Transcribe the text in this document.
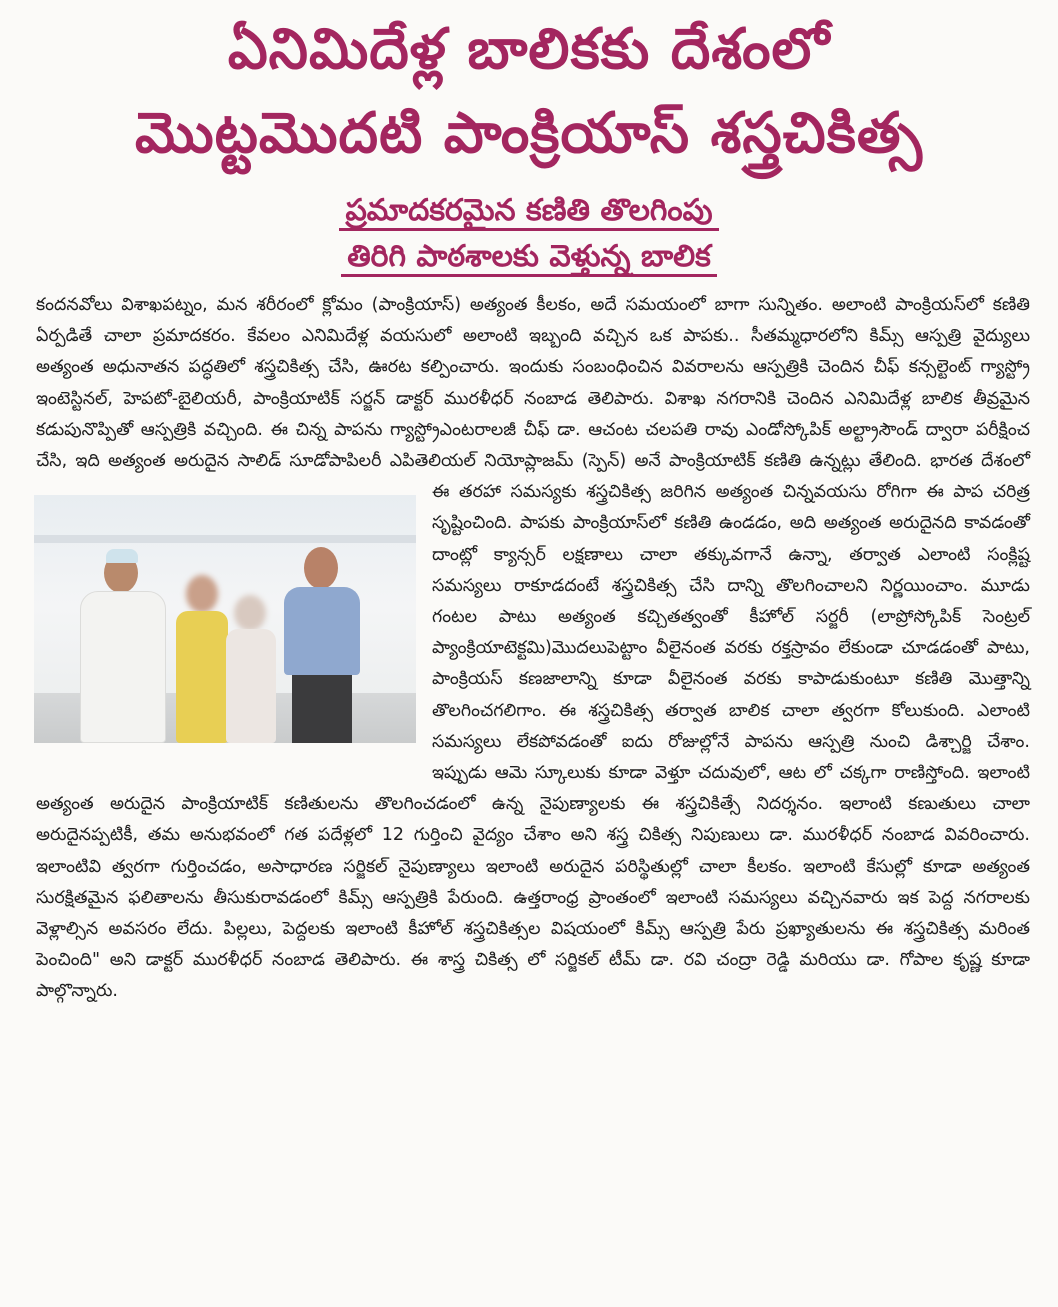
ఏనిమిదేళ్ల బాలికకు దేశంలో
మొట్టమొదటి పాంక్రియాస్ శస్త్రచికిత్స
ప్రమాదకరమైన కణితి తొలగింపు
తిరిగి పాఠశాలకు వెళ్తున్న బాలిక
కందనవోలు విశాఖపట్నం, మన శరీరంలో క్లోమం (పాంక్రియాస్) అత్యంత కీలకం, అదే సమయంలో బాగా సున్నితం. అలాంటి పాంక్రియస్‌లో కణితి ఏర్పడితే చాలా ప్రమాదకరం. కేవలం ఎనిమిదేళ్ల వయసులో అలాంటి ఇబ్బంది వచ్చిన ఒక పాపకు.. సీతమ్మధారలోని కిమ్స్ ఆస్పత్రి వైద్యులు అత్యంత అధునాతన పద్ధతిలో శస్త్రచికిత్స చేసి, ఊరట కల్పించారు. ఇందుకు సంబంధించిన వివరాలను ఆస్పత్రికి చెందిన చీఫ్ కన్సల్టెంట్ గ్యాస్ట్రో ఇంటెస్టినల్, హెపటో-బైలియరీ, పాంక్రియాటిక్ సర్జన్ డాక్టర్ మురళీధర్ నంబాడ తెలిపారు. విశాఖ నగరానికి చెందిన ఎనిమిదేళ్ల బాలిక తీవ్రమైన కడుపునొప్పితో ఆస్పత్రికి వచ్చింది. ఈ చిన్న పాపను గ్యాస్ట్రోఎంటరాలజీ చీఫ్ డా. ఆచంట చలపతి రావు ఎండోస్కోపిక్ అల్ట్రాసౌండ్ ద్వారా పరీక్షించ చేసి, ఇది అత్యంత అరుదైన సాలిడ్ సూడోపాపిలరీ ఎపితెలియల్ నియోప్లాజమ్ (స్పెన్) అనే పాంక్రియాటిక్ కణితి ఉన్నట్లు తేలింది. భారత దేశంలో ఈ తరహా సమస్యకు శస్త్రచికిత్స జరిగిన అత్యంత చిన్నవయసు రోగిగా ఈ పాప చరిత్ర సృష్టించింది. పాపకు పాంక్రియాస్‌లో కణితి ఉండడం, అది అత్యంత అరుదైనది కావడంతో దాంట్లో క్యాన్సర్ లక్షణాలు చాలా తక్కువగానే ఉన్నా, తర్వాత ఎలాంటి సంక్లిష్ట సమస్యలు రాకూడదంటే శస్త్రచికిత్స చేసి దాన్ని తొలగించాలని నిర్ణయించాం. మూడు గంటల పాటు అత్యంత కచ్చితత్వంతో కీహోల్ సర్జరీ (లాప్రోస్కోపిక్ సెంట్రల్ ప్యాంక్రియాటెక్టమి)మొదలుపెట్టాం వీలైనంత వరకు రక్తస్రావం లేకుండా చూడడంతో పాటు, పాంక్రియస్ కణజాలాన్ని కూడా వీలైనంత వరకు కాపాడుకుంటూ కణితి మొత్తాన్ని తొలగించగలిగాం. ఈ శస్త్రచికిత్స తర్వాత బాలిక చాలా త్వరగా కోలుకుంది. ఎలాంటి సమస్యలు లేకపోవడంతో ఐదు రోజుల్లోనే పాపను ఆస్పత్రి నుంచి డిశ్చార్జి చేశాం. ఇప్పుడు ఆమె స్కూలుకు కూడా వెళ్తూ చదువులో, ఆట లో చక్కగా రాణిస్తోంది. ఇలాంటి అత్యంత అరుదైన పాంక్రియాటిక్ కణితులను తొలగించడంలో ఉన్న నైపుణ్యాలకు ఈ శస్త్రచికిత్సే నిదర్శనం. ఇలాంటి కణుతులు చాలా అరుదైనప్పటికీ, తమ అనుభవంలో గత పదేళ్లలో 12 గుర్తించి వైద్యం చేశాం అని శస్త్ర చికిత్స నిపుణులు డా. మురళీధర్ నంబాడ వివరించారు. ఇలాంటివి త్వరగా గుర్తించడం, అసాధారణ సర్జికల్ నైపుణ్యాలు ఇలాంటి అరుదైన పరిస్థితుల్లో చాలా కీలకం. ఇలాంటి కేసుల్లో కూడా అత్యంత సురక్షితమైన ఫలితాలను తీసుకురావడంలో కిమ్స్ ఆస్పత్రికి పేరుంది. ఉత్తరాంధ్ర ప్రాంతంలో ఇలాంటి సమస్యలు వచ్చినవారు ఇక పెద్ద నగరాలకు వెళ్లాల్సిన అవసరం లేదు. పిల్లలు, పెద్దలకు ఇలాంటి కీహోల్ శస్త్రచికిత్సల విషయంలో కిమ్స్ ఆస్పత్రి పేరు ప్రఖ్యాతులను ఈ శస్త్రచికిత్స మరింత పెంచింది" అని డాక్టర్ మురళీధర్ నంబాడ తెలిపారు. ఈ శాస్త్ర చికిత్స లో సర్జికల్ టీమ్ డా. రవి చంద్రా రెడ్డి మరియు డా. గోపాల కృష్ణ కూడా పాల్గొన్నారు.
